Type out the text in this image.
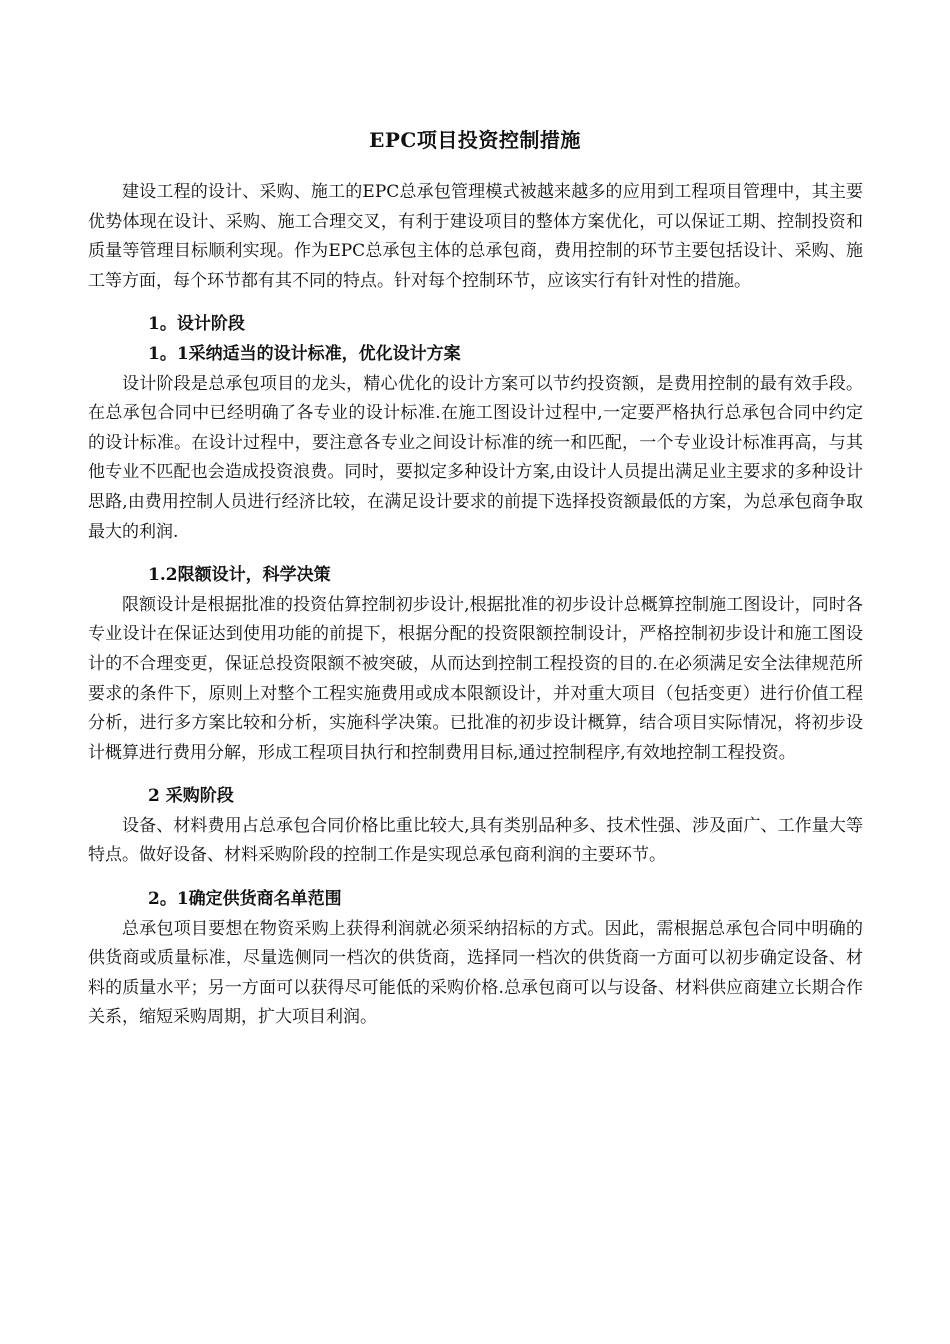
EPC项目投资控制措施

建设工程的设计、采购、施工的EPC总承包管理模式被越来越多的应用到工程项目管理中，其主要优势体现在设计、采购、施工合理交叉，有利于建设项目的整体方案优化，可以保证工期、控制投资和质量等管理目标顺利实现。作为EPC总承包主体的总承包商，费用控制的环节主要包括设计、采购、施工等方面，每个环节都有其不同的特点。针对每个控制环节，应该实行有针对性的措施。

1。设计阶段

1。1采纳适当的设计标准，优化设计方案

设计阶段是总承包项目的龙头，精心优化的设计方案可以节约投资额，是费用控制的最有效手段。在总承包合同中已经明确了各专业的设计标准.在施工图设计过程中,一定要严格执行总承包合同中约定的设计标准。在设计过程中，要注意各专业之间设计标准的统一和匹配，一个专业设计标准再高，与其他专业不匹配也会造成投资浪费。同时，要拟定多种设计方案,由设计人员提出满足业主要求的多种设计思路,由费用控制人员进行经济比较，在满足设计要求的前提下选择投资额最低的方案，为总承包商争取最大的利润.

1.2限额设计，科学决策

限额设计是根据批准的投资估算控制初步设计,根据批准的初步设计总概算控制施工图设计，同时各专业设计在保证达到使用功能的前提下，根据分配的投资限额控制设计，严格控制初步设计和施工图设计的不合理变更，保证总投资限额不被突破，从而达到控制工程投资的目的.在必须满足安全法律规范所要求的条件下，原则上对整个工程实施费用或成本限额设计，并对重大项目（包括变更）进行价值工程分析，进行多方案比较和分析，实施科学决策。已批准的初步设计概算，结合项目实际情况，将初步设计概算进行费用分解，形成工程项目执行和控制费用目标,通过控制程序,有效地控制工程投资。

2 采购阶段

设备、材料费用占总承包合同价格比重比较大,具有类别品种多、技术性强、涉及面广、工作量大等特点。做好设备、材料采购阶段的控制工作是实现总承包商利润的主要环节。

2。1确定供货商名单范围

总承包项目要想在物资采购上获得利润就必须采纳招标的方式。因此，需根据总承包合同中明确的供货商或质量标准，尽量选侧同一档次的供货商，选择同一档次的供货商一方面可以初步确定设备、材料的质量水平；另一方面可以获得尽可能低的采购价格.总承包商可以与设备、材料供应商建立长期合作关系，缩短采购周期，扩大项目利润。
